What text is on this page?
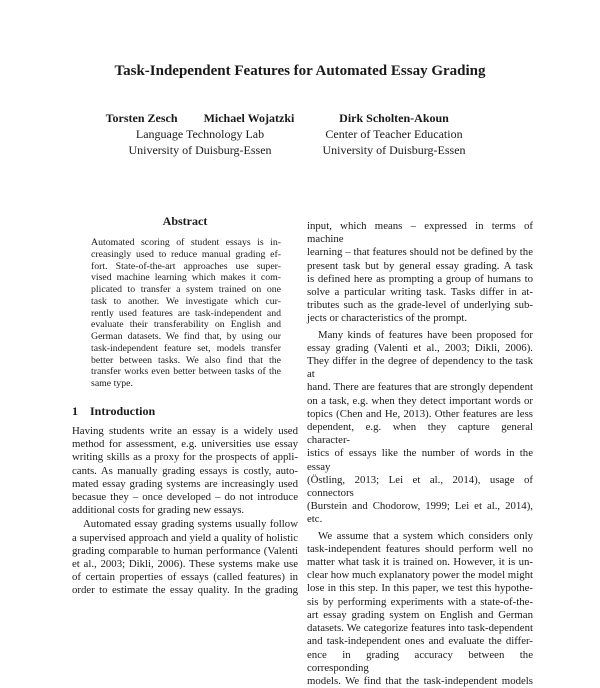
Task-Independent Features for Automated Essay Grading
Torsten Zesch Michael Wojatzki
Language Technology Lab
University of Duisburg-Essen
Dirk Scholten-Akoun
Center of Teacher Education
University of Duisburg-Essen
Abstract
Automated scoring of student essays is in-
creasingly used to reduce manual grading ef-
fort. State-of-the-art approaches use super-
vised machine learning which makes it com-
plicated to transfer a system trained on one
task to another. We investigate which cur-
rently used features are task-independent and
evaluate their transferability on English and
German datasets. We find that, by using our
task-independent feature set, models transfer
better between tasks. We also find that the
transfer works even better between tasks of the
same type.
1 Introduction
Having students write an essay is a widely used
method for assessment, e.g. universities use essay
writing skills as a proxy for the prospects of appli-
cants. As manually grading essays is costly, auto-
mated essay grading systems are increasingly used
becasue they – once developed – do not introduce
additional costs for grading new essays.
Automated essay grading systems usually follow
a supervised approach and yield a quality of holistic
grading comparable to human performance (Valenti
et al., 2003; Dikli, 2006). These systems make use
of certain properties of essays (called features) in
order to estimate the essay quality. In the grading
input, which means – expressed in terms of machine
learning – that features should not be defined by the
present task but by general essay grading. A task
is defined here as prompting a group of humans to
solve a particular writing task. Tasks differ in at-
tributes such as the grade-level of underlying sub-
jects or characteristics of the prompt.
Many kinds of features have been proposed for
essay grading (Valenti et al., 2003; Dikli, 2006).
They differ in the degree of dependency to the task at
hand. There are features that are strongly dependent
on a task, e.g. when they detect important words or
topics (Chen and He, 2013). Other features are less
dependent, e.g. when they capture general character-
istics of essays like the number of words in the essay
(Östling, 2013; Lei et al., 2014), usage of connectors
(Burstein and Chodorow, 1999; Lei et al., 2014), etc.
We assume that a system which considers only
task-independent features should perform well no
matter what task it is trained on. However, it is un-
clear how much explanatory power the model might
lose in this step. In this paper, we test this hypothe-
sis by performing experiments with a state-of-the-
art essay grading system on English and German
datasets. We categorize features into task-dependent
and task-independent ones and evaluate the differ-
ence in grading accuracy between the corresponding
models. We find that the task-independent models
